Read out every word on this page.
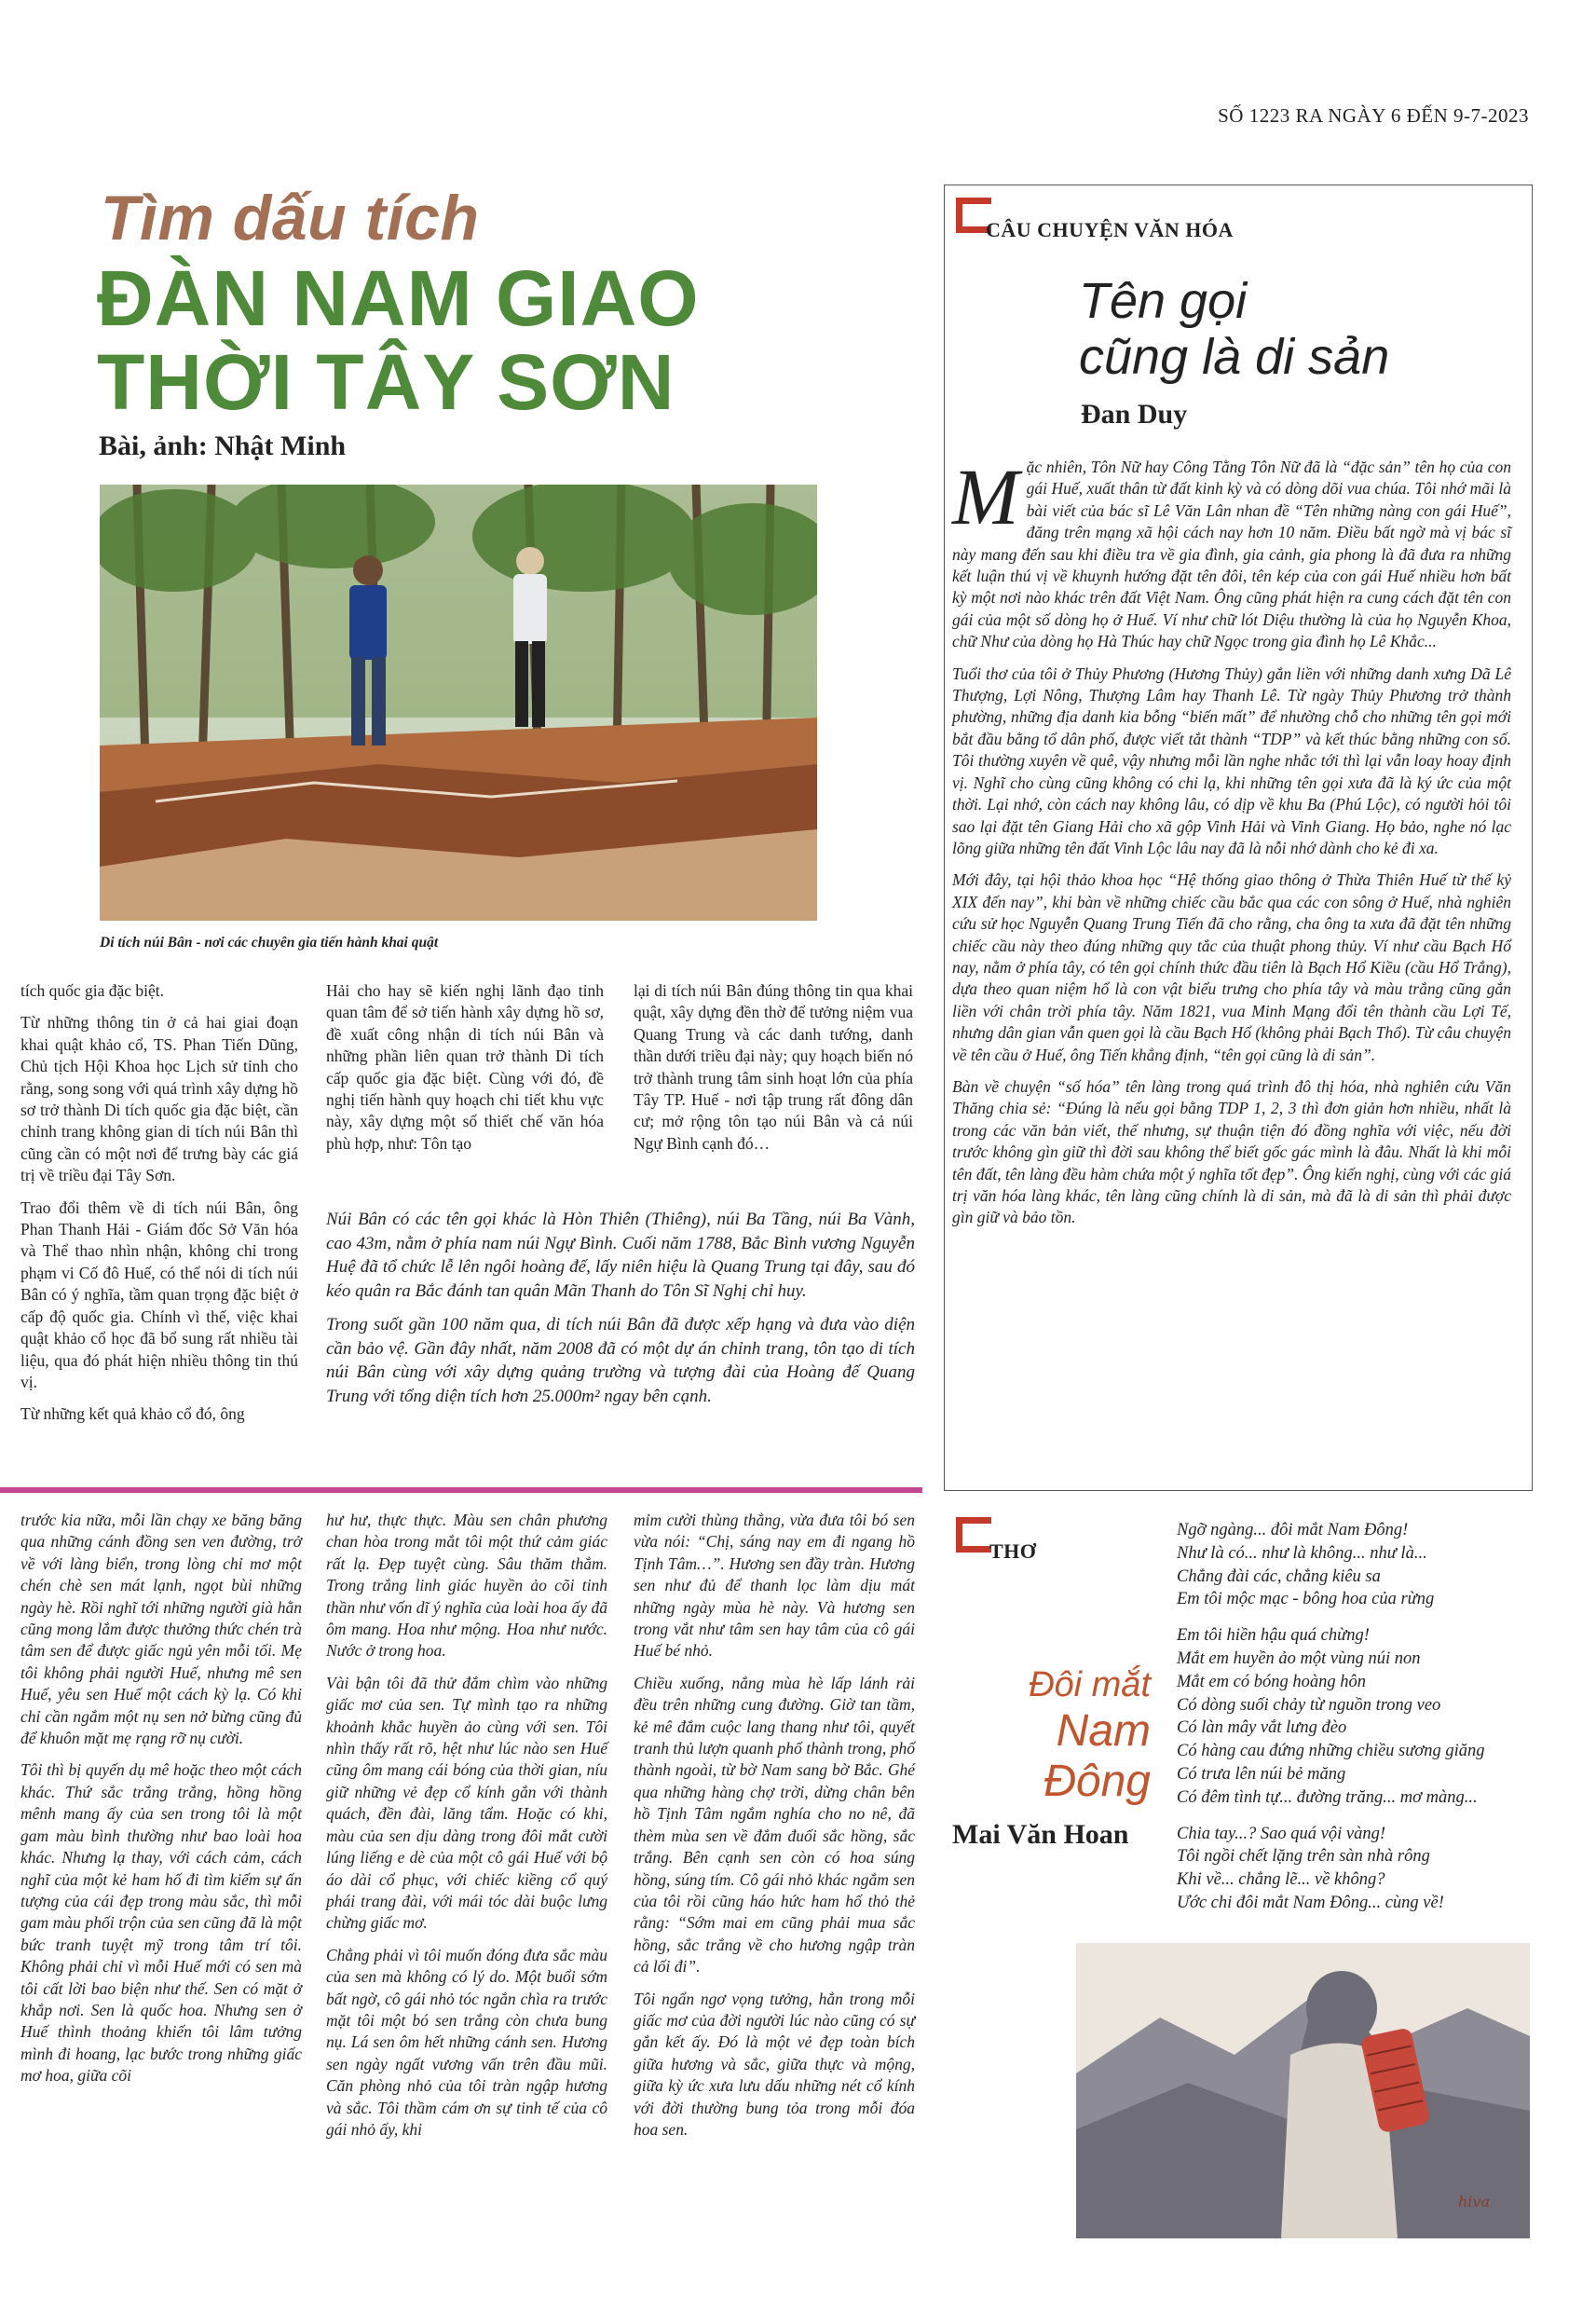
SỐ 1223 RA NGÀY 6 ĐẾN 9-7-2023
Tìm dấu tích
ĐÀN NAM GIAO
THỜI TÂY SƠN
Bài, ảnh: Nhật Minh
Di tích núi Bân - nơi các chuyên gia tiến hành khai quật

tích quốc gia đặc biệt.

Từ những thông tin ở cả hai giai đoạn khai quật khảo cổ, TS. Phan Tiến Dũng, Chủ tịch Hội Khoa học Lịch sử tỉnh cho rằng, song song với quá trình xây dựng hồ sơ trở thành Di tích quốc gia đặc biệt, cần chỉnh trang không gian di tích núi Bân thì cũng cần có một nơi để trưng bày các giá trị về triều đại Tây Sơn.

Trao đổi thêm về di tích núi Bân, ông Phan Thanh Hải - Giám đốc Sở Văn hóa và Thể thao nhìn nhận, không chỉ trong phạm vi Cố đô Huế, có thể nói di tích núi Bân có ý nghĩa, tầm quan trọng đặc biệt ở cấp độ quốc gia. Chính vì thế, việc khai quật khảo cổ học đã bổ sung rất nhiều tài liệu, qua đó phát hiện nhiều thông tin thú vị.

Từ những kết quả khảo cổ đó, ông

Hải cho hay sẽ kiến nghị lãnh đạo tỉnh quan tâm để sở tiến hành xây dựng hồ sơ, đề xuất công nhận di tích núi Bân và những phần liên quan trở thành Di tích cấp quốc gia đặc biệt. Cùng với đó, đề nghị tiến hành quy hoạch chi tiết khu vực này, xây dựng một số thiết chế văn hóa phù hợp, như: Tôn tạo

lại di tích núi Bân đúng thông tin qua khai quật, xây dựng đền thờ để tưởng niệm vua Quang Trung và các danh tướng, danh thần dưới triều đại này; quy hoạch biến nó trở thành trung tâm sinh hoạt lớn của phía Tây TP. Huế - nơi tập trung rất đông dân cư; mở rộng tôn tạo núi Bân và cả núi Ngự Bình cạnh đó…

Núi Bân có các tên gọi khác là Hòn Thiên (Thiêng), núi Ba Tầng, núi Ba Vành, cao 43m, nằm ở phía nam núi Ngự Bình. Cuối năm 1788, Bắc Bình vương Nguyễn Huệ đã tổ chức lễ lên ngôi hoàng đế, lấy niên hiệu là Quang Trung tại đây, sau đó kéo quân ra Bắc đánh tan quân Mãn Thanh do Tôn Sĩ Nghị chỉ huy.

Trong suốt gần 100 năm qua, di tích núi Bân đã được xếp hạng và đưa vào diện cần bảo vệ. Gần đây nhất, năm 2008 đã có một dự án chỉnh trang, tôn tạo di tích núi Bân cùng với xây dựng quảng trường và tượng đài của Hoàng đế Quang Trung với tổng diện tích hơn 25.000m² ngay bên cạnh.

CÂU CHUYỆN VĂN HÓA
Tên gọi
cũng là di sản
Đan Duy

Mặc nhiên, Tôn Nữ hay Công Tằng Tôn Nữ đã là “đặc sản” tên họ của con gái Huế, xuất thân từ đất kinh kỳ và có dòng dõi vua chúa. Tôi nhớ mãi là bài viết của bác sĩ Lê Văn Lân nhan đề “Tên những nàng con gái Huế”, đăng trên mạng xã hội cách nay hơn 10 năm. Điều bất ngờ mà vị bác sĩ này mang đến sau khi điều tra về gia đình, gia cảnh, gia phong là đã đưa ra những kết luận thú vị về khuynh hướng đặt tên đôi, tên kép của con gái Huế nhiều hơn bất kỳ một nơi nào khác trên đất Việt Nam. Ông cũng phát hiện ra cung cách đặt tên con gái của một số dòng họ ở Huế. Ví như chữ lót Diệu thường là của họ Nguyễn Khoa, chữ Như của dòng họ Hà Thúc hay chữ Ngọc trong gia đình họ Lê Khắc...

Tuổi thơ của tôi ở Thủy Phương (Hương Thủy) gắn liền với những danh xưng Dã Lê Thượng, Lợi Nông, Thượng Lâm hay Thanh Lê. Từ ngày Thủy Phương trở thành phường, những địa danh kia bỗng “biến mất” để nhường chỗ cho những tên gọi mới bắt đầu bằng tổ dân phố, được viết tắt thành “TDP” và kết thúc bằng những con số. Tôi thường xuyên về quê, vậy nhưng mỗi lần nghe nhắc tới thì lại vẫn loay hoay định vị. Nghĩ cho cùng cũng không có chi lạ, khi những tên gọi xưa đã là ký ức của một thời. Lại nhớ, còn cách nay không lâu, có dịp về khu Ba (Phú Lộc), có người hỏi tôi sao lại đặt tên Giang Hải cho xã gộp Vinh Hải và Vinh Giang. Họ bảo, nghe nó lạc lõng giữa những tên đất Vinh Lộc lâu nay đã là nỗi nhớ dành cho kẻ đi xa.

Mới đây, tại hội thảo khoa học “Hệ thống giao thông ở Thừa Thiên Huế từ thế kỷ XIX đến nay”, khi bàn về những chiếc cầu bắc qua các con sông ở Huế, nhà nghiên cứu sử học Nguyễn Quang Trung Tiến đã cho rằng, cha ông ta xưa đã đặt tên những chiếc cầu này theo đúng những quy tắc của thuật phong thủy. Ví như cầu Bạch Hổ nay, nằm ở phía tây, có tên gọi chính thức đầu tiên là Bạch Hổ Kiều (cầu Hổ Trắng), dựa theo quan niệm hổ là con vật biểu trưng cho phía tây và màu trắng cũng gắn liền với chân trời phía tây. Năm 1821, vua Minh Mạng đổi tên thành cầu Lợi Tế, nhưng dân gian vẫn quen gọi là cầu Bạch Hổ (không phải Bạch Thổ). Từ câu chuyện về tên cầu ở Huế, ông Tiến khẳng định, “tên gọi cũng là di sản”.

Bàn về chuyện “số hóa” tên làng trong quá trình đô thị hóa, nhà nghiên cứu Văn Thăng chia sẻ: “Đúng là nếu gọi bằng TDP 1, 2, 3 thì đơn giản hơn nhiều, nhất là trong các văn bản viết, thế nhưng, sự thuận tiện đó đồng nghĩa với việc, nếu đời trước không gìn giữ thì đời sau không thể biết gốc gác mình là đâu. Nhất là khi mỗi tên đất, tên làng đều hàm chứa một ý nghĩa tốt đẹp”. Ông kiến nghị, cùng với các giá trị văn hóa làng khác, tên làng cũng chính là di sản, mà đã là di sản thì phải được gìn giữ và bảo tồn.

trước kia nữa, mỗi lần chạy xe băng băng qua những cánh đồng sen ven đường, trở về với làng biển, trong lòng chỉ mơ một chén chè sen mát lạnh, ngọt bùi những ngày hè. Rồi nghĩ tới những người già hằn cũng mong lắm được thưởng thức chén trà tâm sen để được giấc ngủ yên mỗi tối. Mẹ tôi không phải người Huế, nhưng mê sen Huế, yêu sen Huế một cách kỳ lạ. Có khi chỉ cần ngắm một nụ sen nở bừng cũng đủ để khuôn mặt mẹ rạng rỡ nụ cười.

Tôi thì bị quyến dụ mê hoặc theo một cách khác. Thứ sắc trắng trắng, hồng hồng mênh mang ấy của sen trong tôi là một gam màu bình thường như bao loài hoa khác. Nhưng lạ thay, với cách cảm, cách nghĩ của một kẻ ham hố đi tìm kiếm sự ấn tượng của cái đẹp trong màu sắc, thì mỗi gam màu phối trộn của sen cũng đã là một bức tranh tuyệt mỹ trong tâm trí tôi. Không phải chỉ vì mỗi Huế mới có sen mà tôi cất lời bao biện như thế. Sen có mặt ở khắp nơi. Sen là quốc hoa. Nhưng sen ở Huế thình thoảng khiến tôi lâm tưởng mình đi hoang, lạc bước trong những giấc mơ hoa, giữa cõi

hư hư, thực thực. Màu sen chân phương chan hòa trong mắt tôi một thứ cảm giác rất lạ. Đẹp tuyệt cùng. Sâu thăm thẳm. Trong trắng linh giác huyền ảo cõi tinh thần như vốn dĩ ý nghĩa của loài hoa ấy đã ôm mang. Hoa như mộng. Hoa như nước. Nước ở trong hoa.

Vài bận tôi đã thử đắm chìm vào những giấc mơ của sen. Tự mình tạo ra những khoảnh khắc huyền ảo cùng với sen. Tôi nhìn thấy rất rõ, hệt như lúc nào sen Huế cũng ôm mang cái bóng của thời gian, níu giữ những vẻ đẹp cổ kính gắn với thành quách, đền đài, lăng tẩm. Hoặc có khi, màu của sen dịu dàng trong đôi mắt cười lúng liếng e dè của một cô gái Huế với bộ áo dài cổ phục, với chiếc kiềng cổ quý phái trang đài, với mái tóc dài buộc lưng chừng giấc mơ.

Chẳng phải vì tôi muốn đóng đưa sắc màu của sen mà không có lý do. Một buổi sớm bất ngờ, cô gái nhỏ tóc ngắn chìa ra trước mặt tôi một bó sen trắng còn chưa bung nụ. Lá sen ôm hết những cánh sen. Hương sen ngày ngất vương vấn trên đầu mũi. Căn phòng nhỏ của tôi tràn ngập hương và sắc. Tôi thầm cám ơn sự tinh tế của cô gái nhỏ ấy, khi

mỉm cười thùng thẳng, vừa đưa tôi bó sen vừa nói: “Chị, sáng nay em đi ngang hồ Tịnh Tâm…”. Hương sen đầy tràn. Hương sen như đủ để thanh lọc làm dịu mát những ngày mùa hè này. Và hương sen trong vắt như tâm sen hay tâm của cô gái Huế bé nhỏ.

Chiều xuống, nắng mùa hè lấp lánh rải đều trên những cung đường. Giờ tan tầm, kẻ mê đắm cuộc lang thang như tôi, quyết tranh thủ lượn quanh phố thành trong, phố thành ngoài, từ bờ Nam sang bờ Bắc. Ghé qua những hàng chợ trời, dừng chân bên hồ Tịnh Tâm ngắm nghía cho no nê, đã thèm mùa sen về đắm đuối sắc hồng, sắc trắng. Bên cạnh sen còn có hoa súng hồng, súng tím. Cô gái nhỏ khác ngắm sen của tôi rồi cũng háo hức ham hố thỏ thẻ rằng: “Sớm mai em cũng phải mua sắc hồng, sắc trắng về cho hương ngập tràn cả lối đi”.

Tôi ngẩn ngơ vọng tưởng, hẳn trong mỗi giấc mơ của đời người lúc nào cũng có sự gắn kết ấy. Đó là một vẻ đẹp toàn bích giữa hương và sắc, giữa thực và mộng, giữa kỳ ức xưa lưu dấu những nét cổ kính với đời thường bung tỏa trong mỗi đóa hoa sen.

THƠ
Đôi mắt
Nam
Đông
Mai Văn Hoan

Ngỡ ngàng... đôi mắt Nam Đông!
Như là có... như là không... như là...
Chẳng đài các, chẳng kiêu sa
Em tôi mộc mạc - bông hoa của rừng

Em tôi hiền hậu quá chừng!
Mắt em huyền ảo một vùng núi non
Mắt em có bóng hoàng hôn
Có dòng suối chảy từ nguồn trong veo
Có làn mây vắt lưng đèo
Có hàng cau đứng những chiều sương giăng
Có trưa lên núi bẻ măng
Có đêm tình tự... đường trăng... mơ màng...

Chia tay...? Sao quá vội vàng!
Tôi ngồi chết lặng trên sàn nhà rông
Khi về... chẳng lẽ... về không?
Ước chi đôi mắt Nam Đông... cùng về!

hiva
